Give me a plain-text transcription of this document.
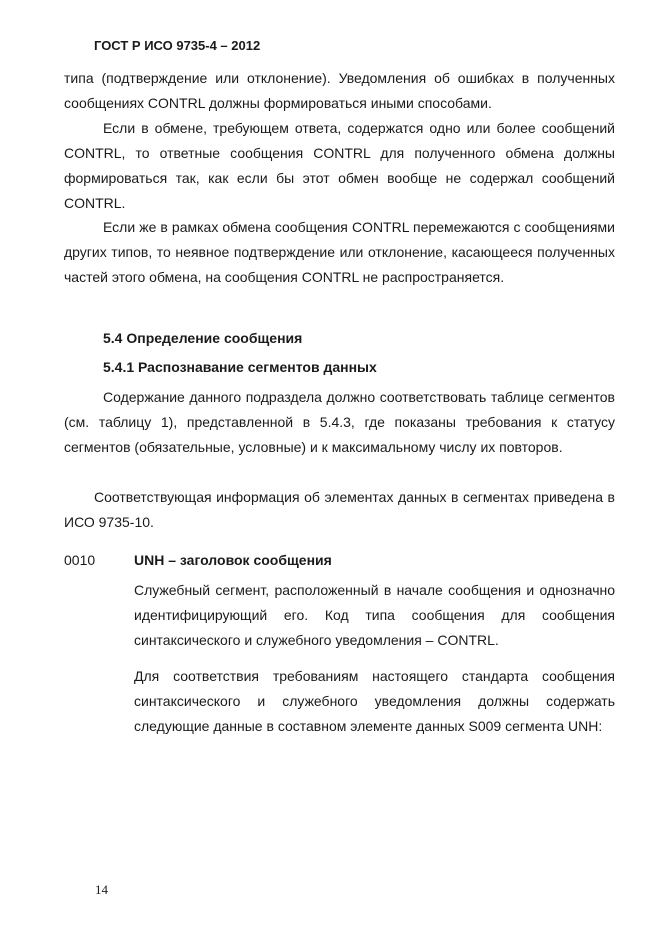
ГОСТ Р ИСО 9735-4 – 2012
типа (подтверждение или отклонение). Уведомления об ошибках в полученных сообщениях CONTRL должны формироваться иными способами.
Если в обмене, требующем ответа, содержатся одно или более сообщений CONTRL, то ответные сообщения CONTRL для полученного обмена должны формироваться так, как если бы этот обмен вообще не содержал сообщений CONTRL.
Если же в рамках обмена сообщения CONTRL перемежаются с сообщениями других типов, то неявное подтверждение или отклонение, касающееся полученных частей этого обмена, на сообщения CONTRL не распространяется.
5.4 Определение сообщения
5.4.1 Распознавание сегментов данных
Содержание данного подраздела должно соответствовать таблице сегментов (см. таблицу 1), представленной в 5.4.3, где показаны требования к статусу сегментов (обязательные, условные) и к максимальному числу их повторов.
Соответствующая информация об элементах данных в сегментах приведена в ИСО 9735-10.
0010	UNH – заголовок сообщения
Служебный сегмент, расположенный в начале сообщения и однозначно идентифицирующий его. Код типа сообщения для сообщения синтаксического и служебного уведомления – CONTRL.
Для соответствия требованиям настоящего стандарта сообщения синтаксического и служебного уведомления должны содержать следующие данные в составном элементе данных S009 сегмента UNH:
14
